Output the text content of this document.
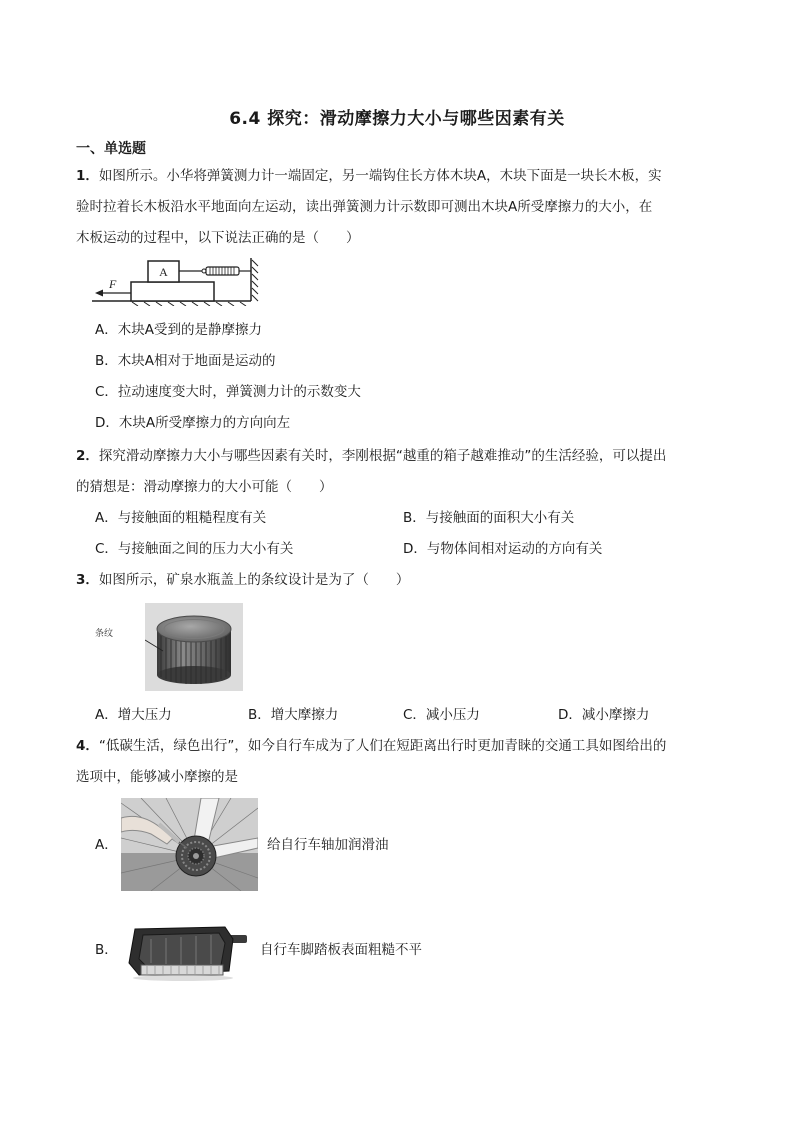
6.4 探究：滑动摩擦力大小与哪些因素有关
一、单选题
1．如图所示。小华将弹簧测力计一端固定，另一端钩住长方体木块A，木块下面是一块长木板，实
验时拉着长木板沿水平地面向左运动，读出弹簧测力计示数即可测出木块A所受摩擦力的大小，在
木板运动的过程中，以下说法正确的是（　　）
A
F
A．木块A受到的是静摩擦力
B．木块A相对于地面是运动的
C．拉动速度变大时，弹簧测力计的示数变大
D．木块A所受摩擦力的方向向左
2．探究滑动摩擦力大小与哪些因素有关时，李刚根据“越重的箱子越难推动”的生活经验，可以提出
的猜想是：滑动摩擦力的大小可能（　　）
A．与接触面的粗糙程度有关	B．与接触面的面积大小有关
C．与接触面之间的压力大小有关	D．与物体间相对运动的方向有关
3．如图所示，矿泉水瓶盖上的条纹设计是为了（　　）
条纹
A．增大压力	B．增大摩擦力	C．减小压力	D．减小摩擦力
4．“低碳生活，绿色出行”，如今自行车成为了人们在短距离出行时更加青睐的交通工具如图给出的
选项中，能够减小摩擦的是
A．	给自行车轴加润滑油
B．	自行车脚踏板表面粗糙不平
